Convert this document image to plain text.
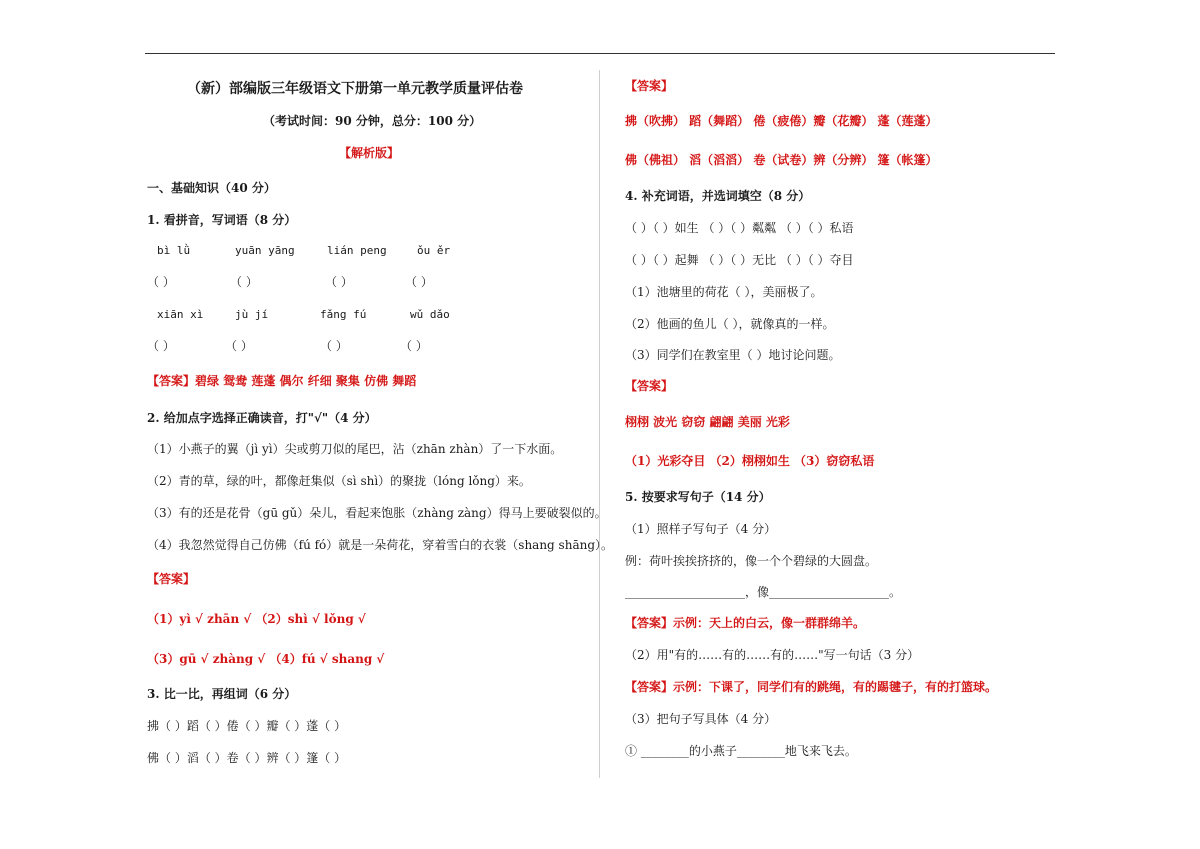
（新）部编版三年级语文下册第一单元教学质量评估卷
（考试时间：90 分钟，总分：100 分）
【解析版】
一、基础知识（40 分）
1. 看拼音，写词语（8 分）
bì lǜ	yuān yāng	lián peng	ǒu ěr
（ ）	（ ）	（ ）	（ ）
xiān xì	jù jí	fǎng fú	wǔ dǎo
（ ）	（ ）	（ ）	（ ）
【答案】碧绿 鸳鸯 莲蓬 偶尔 纤细 聚集 仿佛 舞蹈
2. 给加点字选择正确读音，打"√"（4 分）
（1）小燕子的翼（jì yì）尖或剪刀似的尾巴，沾（zhān zhàn）了一下水面。
（2）青的草，绿的叶，都像赶集似（sì shì）的聚拢（lóng lǒng）来。
（3）有的还是花骨（gū gǔ）朵儿，看起来饱胀（zhàng zàng）得马上要破裂似的。
（4）我忽然觉得自己仿佛（fú fó）就是一朵荷花，穿着雪白的衣裳（shang shāng）。
【答案】
（1）yì √ zhān √ （2）shì √ lǒng √
（3）gū √ zhàng √ （4）fú √ shang √
3. 比一比，再组词（6 分）
拂（ ）蹈（ ）倦（ ）瓣（ ）蓬（ ）
佛（ ）滔（ ）卷（ ）辨（ ）篷（ ）
【答案】
拂（吹拂） 蹈（舞蹈） 倦（疲倦）瓣（花瓣） 蓬（莲蓬）
佛（佛祖） 滔（滔滔） 卷（试卷）辨（分辨） 篷（帐篷）
4. 补充词语，并选词填空（8 分）
（ ）（ ）如生 （ ）（ ）粼粼 （ ）（ ）私语
（ ）（ ）起舞 （ ）（ ）无比 （ ）（ ）夺目
（1）池塘里的荷花（ ），美丽极了。
（2）他画的鱼儿（ ），就像真的一样。
（3）同学们在教室里（ ）地讨论问题。
【答案】
栩栩 波光 窃窃 翩翩 美丽 光彩
（1）光彩夺目 （2）栩栩如生 （3）窃窃私语
5. 按要求写句子（14 分）
（1）照样子写句子（4 分）
例：荷叶挨挨挤挤的，像一个个碧绿的大圆盘。
____________________，像____________________。
【答案】示例：天上的白云，像一群群绵羊。
（2）用"有的……有的……有的……"写一句话（3 分）
【答案】示例：下课了，同学们有的跳绳，有的踢毽子，有的打篮球。
（3）把句子写具体（4 分）
① ________的小燕子________地飞来飞去。
